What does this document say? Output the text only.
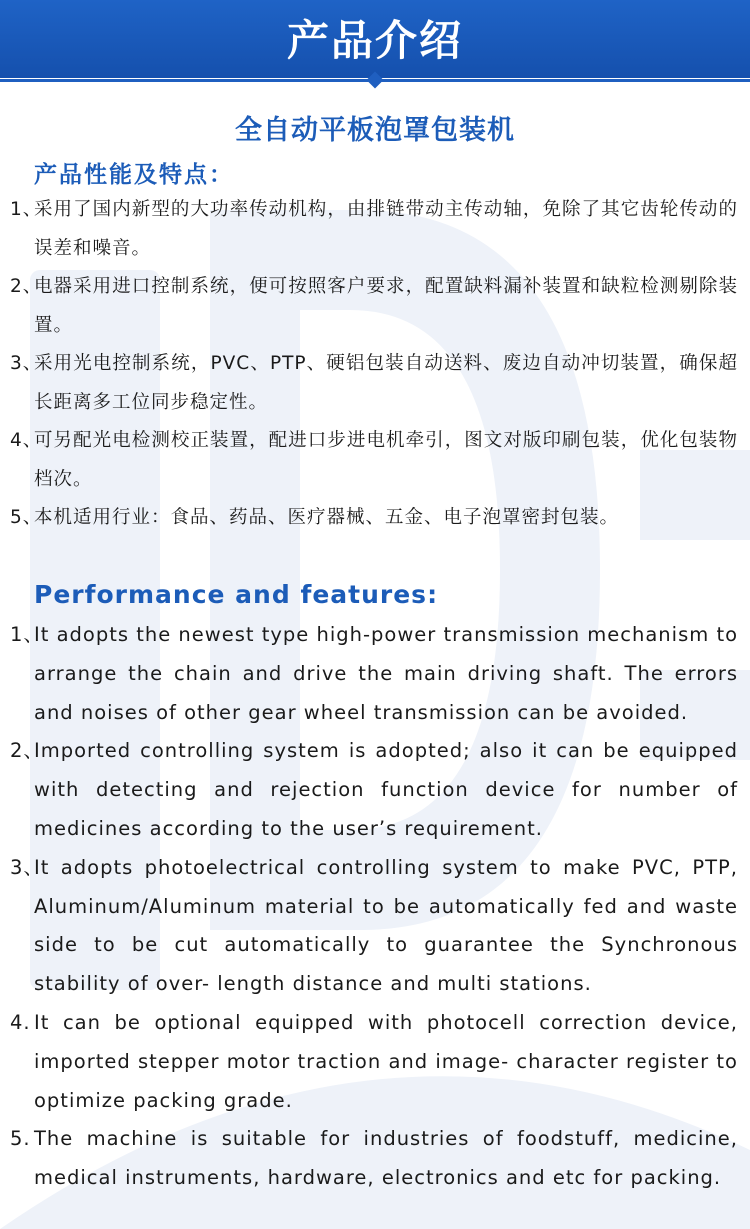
产品介绍
全自动平板泡罩包装机
产品性能及特点：
1、
采用了国内新型的大功率传动机构，由排链带动主传动轴，免除了其它齿轮传动的误差和噪音。
2、
电器采用进口控制系统，便可按照客户要求，配置缺料漏补装置和缺粒检测剔除装置。
3、
采用光电控制系统，PVC、PTP、硬铝包装自动送料、废边自动冲切装置，确保超长距离多工位同步稳定性。
4、
可另配光电检测校正装置，配进口步进电机牵引，图文对版印刷包装，优化包装物档次。
5、
本机适用行业：食品、药品、医疗器械、五金、电子泡罩密封包装。
Performance and features:
1、
It adopts the newest type high-power transmission mechanism to arrange the chain and drive the main driving shaft. The errors and noises of other gear wheel transmission can be avoided.
2、
Imported controlling system is adopted; also it can be equipped with detecting and rejection function device for number of medicines according to the user’s requirement.
3、
It adopts photoelectrical controlling system to make PVC, PTP, Aluminum/Aluminum material to be automatically fed and waste side to be cut automatically to guarantee the Synchronous stability of over- length distance and multi stations.
4. It can be optional equipped with photocell correction device, imported stepper motor traction and image- character register to optimize packing grade.
5. The machine is suitable for industries of foodstuff, medicine, medical instruments, hardware, electronics and etc for packing.
